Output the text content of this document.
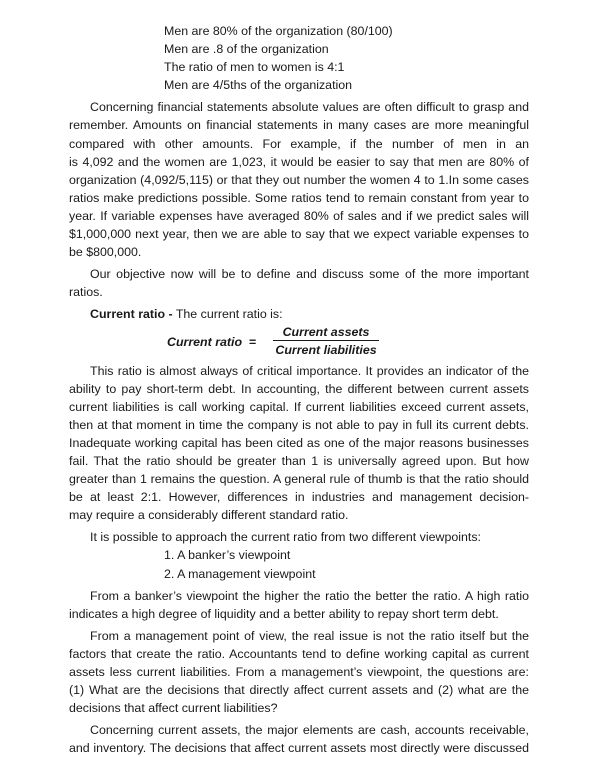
Men are 80% of the organization (80/100)
Men are .8 of the organization
The ratio of men to women is 4:1
Men are 4/5ths of the organization
Concerning financial statements absolute values are often difficult to grasp and
remember. Amounts on financial statements in many cases are more meaningful
compared with other amounts. For example, if the number of men in an
is 4,092 and the women are 1,023, it would be easier to say that men are 80% of
organization (4,092/5,115) or that they out number the women 4 to 1.In some cases
ratios make predictions possible. Some ratios tend to remain constant from year to
year. If variable expenses have averaged 80% of sales and if we predict sales will
$1,000,000 next year, then we are able to say that we expect variable expenses to
be $800,000.
Our objective now will be to define and discuss some of the more important
ratios.
Current ratio - The current ratio is:
Current ratio =
Current assets
Current liabilities
This ratio is almost always of critical importance. It provides an indicator of the
ability to pay short-term debt. In accounting, the different between current assets
current liabilities is call working capital. If current liabilities exceed current assets,
then at that moment in time the company is not able to pay in full its current debts.
Inadequate working capital has been cited as one of the major reasons businesses
fail. That the ratio should be greater than 1 is universally agreed upon. But how
greater than 1 remains the question. A general rule of thumb is that the ratio should
be at least 2:1. However, differences in industries and management decision-
may require a considerably different standard ratio.
It is possible to approach the current ratio from two different viewpoints:
1. A banker’s viewpoint
2. A management viewpoint
From a banker’s viewpoint the higher the ratio the better the ratio. A high ratio
indicates a high degree of liquidity and a better ability to repay short term debt.
From a management point of view, the real issue is not the ratio itself but the
factors that create the ratio. Accountants tend to define working capital as current
assets less current liabilities. From a management’s viewpoint, the questions are:
(1) What are the decisions that directly affect current assets and (2) what are the
decisions that affect current liabilities?
Concerning current assets, the major elements are cash, accounts receivable,
and inventory. The decisions that affect current assets most directly were discussed
